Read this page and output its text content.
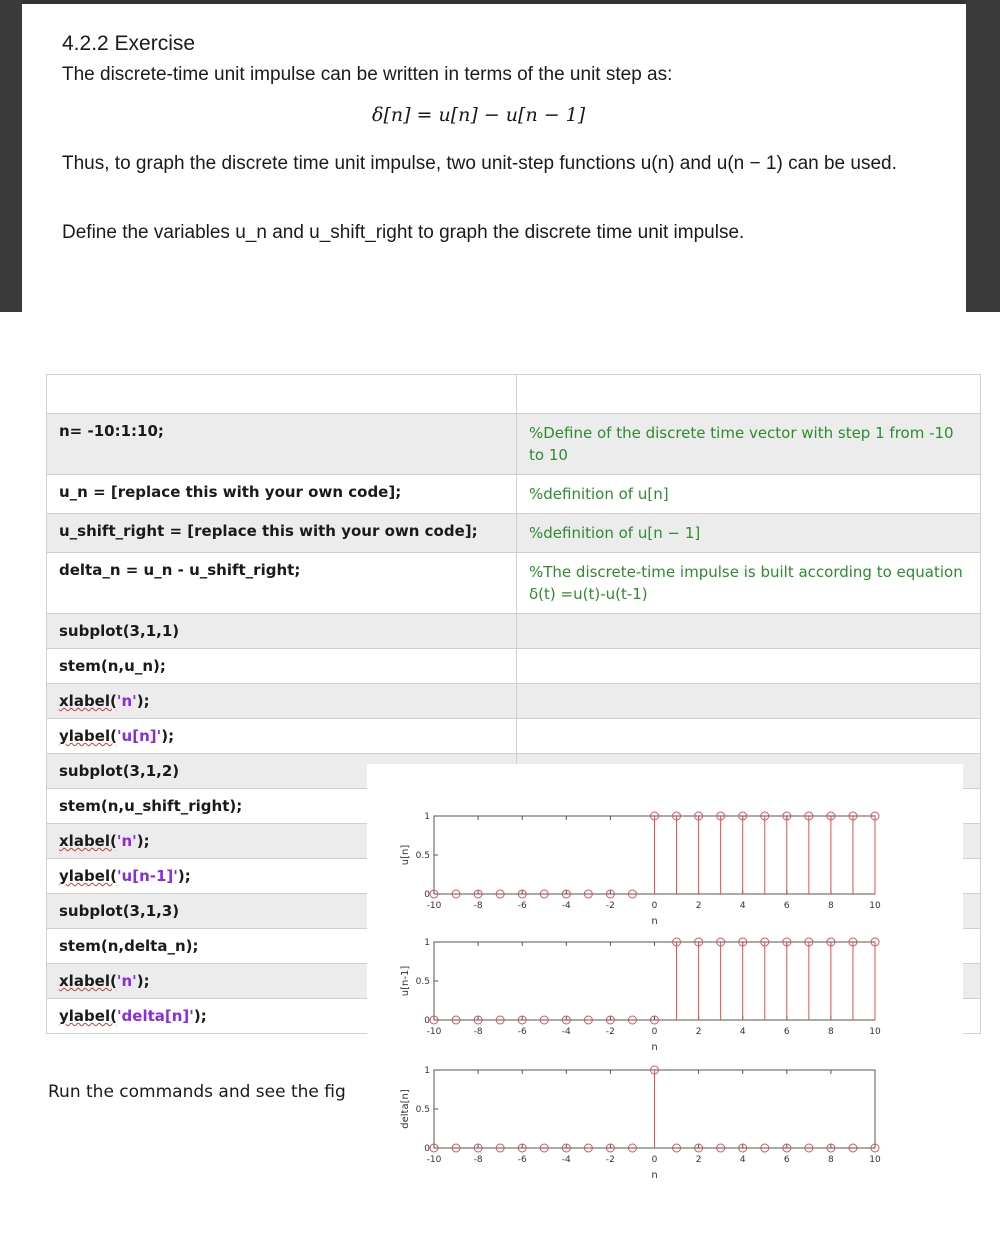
4.2.2 Exercise
The discrete-time unit impulse can be written in terms of the unit step as:
δ[n] = u[n] − u[n − 1]
Thus, to graph the discrete time unit impulse, two unit-step functions u(n) and u(n − 1) can be used.
Define the variables u_n and u_shift_right to graph the discrete time unit impulse.

n= -10:1:10;	%Define of the discrete time vector with step 1 from -10 to 10
u_n = [replace this with your own code];	%definition of u[n]
u_shift_right = [replace this with your own code];	%definition of u[n − 1]
delta_n = u_n - u_shift_right;	%The discrete-time impulse is built according to equation δ(t) =u(t)-u(t-1)
subplot(3,1,1)	
stem(n,u_n);	
xlabel('n');	
ylabel('u[n]');	
subplot(3,1,2)	
stem(n,u_shift_right);	
xlabel('n');	
ylabel('u[n-1]');	
subplot(3,1,3)	
stem(n,delta_n);	
xlabel('n');	
ylabel('delta[n]');	
Run the commands and see the fig
-10	-8	-6	-4	-2	0	2	4	6	8	10
0
0.5
1
n
u[n]
-10	-8	-6	-4	-2	0	2	4	6	8	10
0
0.5
1
n
u[n-1]
-10	-8	-6	-4	-2	0	2	4	6	8	10
0
0.5
1
n
delta[n]
